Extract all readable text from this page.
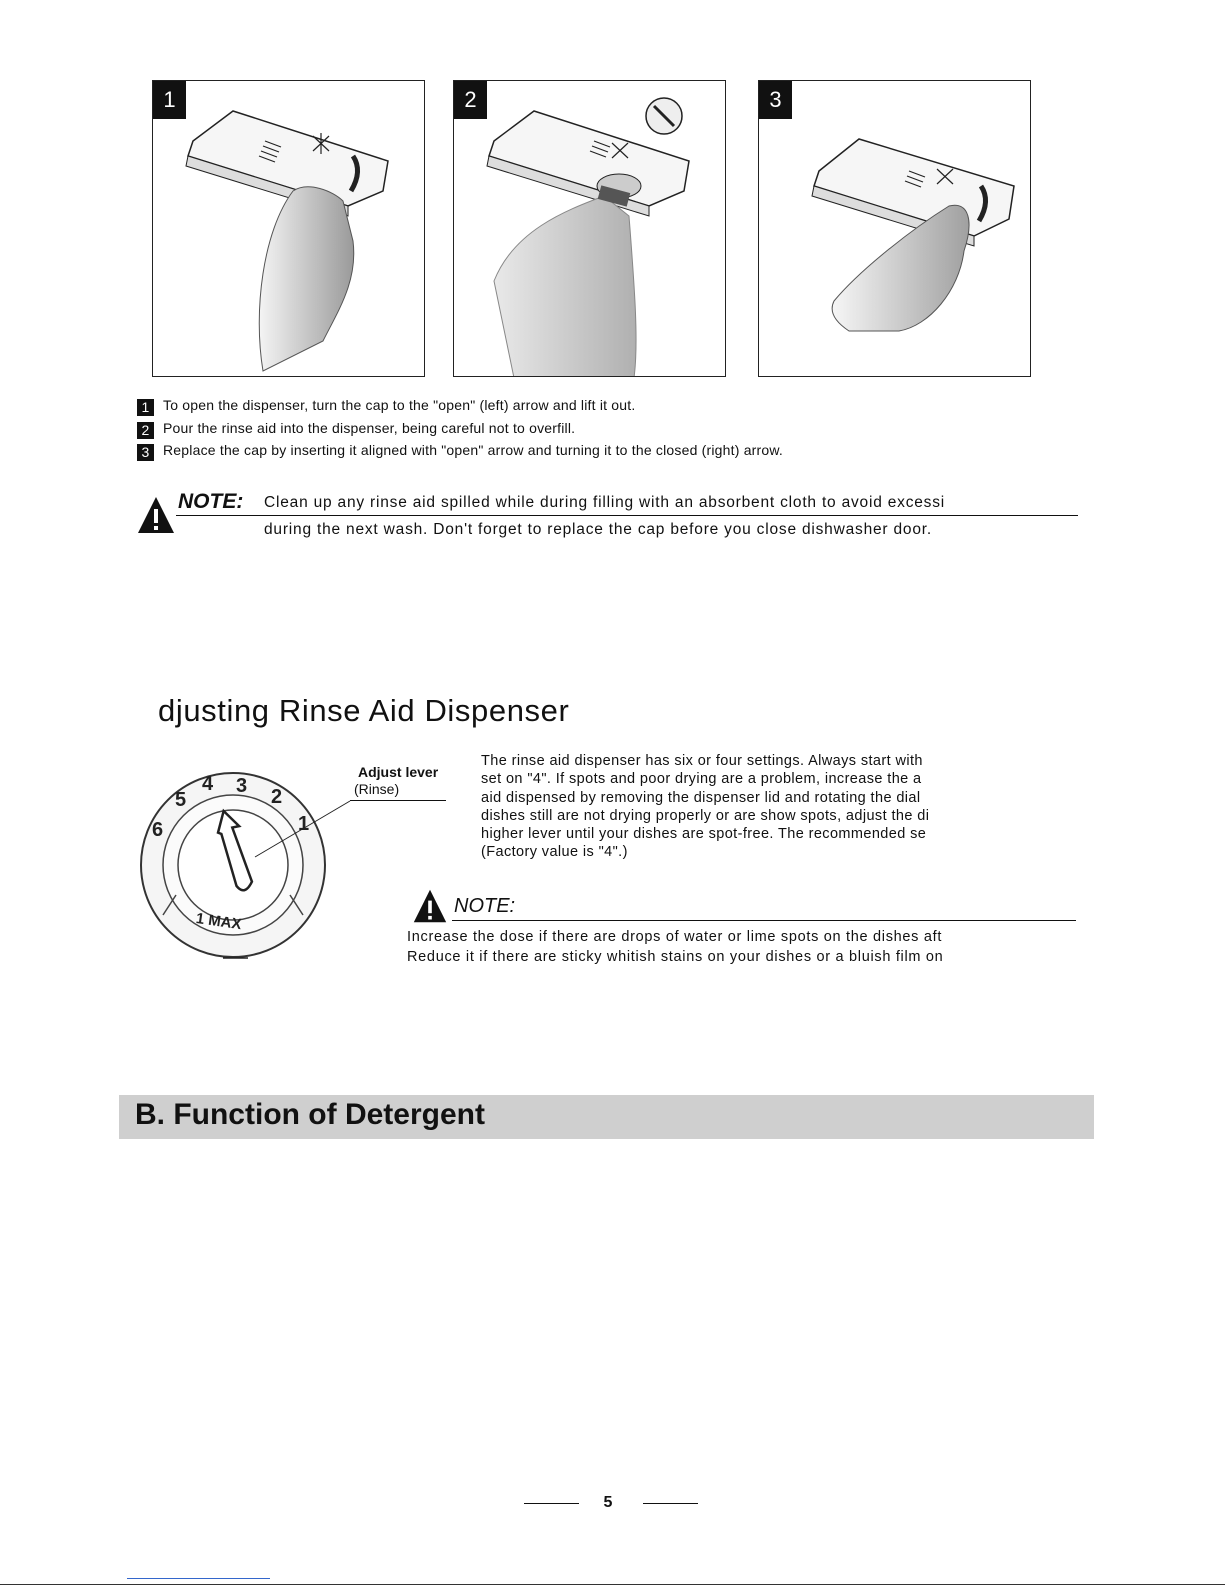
1	2	3
1 To open the dispenser, turn the cap to the "open" (left) arrow and lift it out.
2 Pour the rinse aid into the dispenser, being careful not to overfill.
3 Replace the cap by inserting it aligned with "open" arrow and turning it to the closed (right) arrow.
NOTE: Clean up any rinse aid spilled while during filling with an absorbent cloth to avoid excessi
during the next wash. Don't forget to replace the cap before you close dishwasher door.
djusting Rinse Aid Dispenser
1
2
3
4
5
6
1 MAX
Adjust lever
(Rinse)
The rinse aid dispenser has six or four settings. Always start with
set on "4". If spots and poor drying are a problem, increase the a
aid dispensed by removing the dispenser lid and rotating the dial
dishes still are not drying properly or are show spots, adjust the di
higher lever until your dishes are spot-free. The recommended se
(Factory value is "4".)
NOTE:
Increase the dose if there are drops of water or lime spots on the dishes aft
Reduce it if there are sticky whitish stains on your dishes or a bluish film on
B. Function of Detergent
5
